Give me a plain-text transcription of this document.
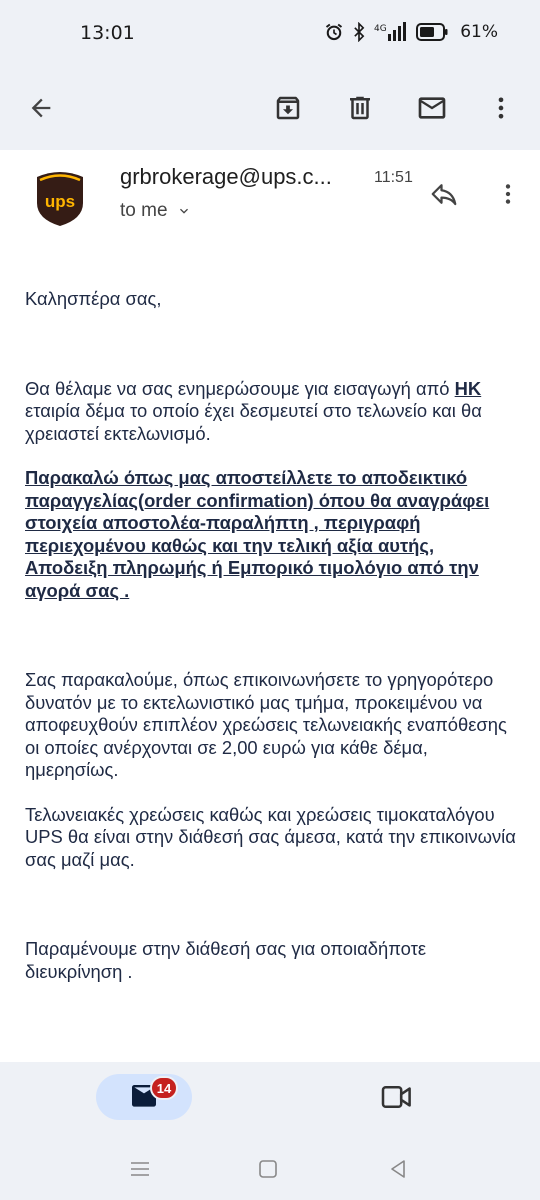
13:01	4G	61%
ups
grbrokerage@ups.c...	11:51
to me

Καλησπέρα σας,

Θα θέλαμε να σας ενημερώσουμε για εισαγωγή από HK εταιρία δέμα το οποίο έχει δεσμευτεί στο τελωνείο και θα χρειαστεί εκτελωνισμό.

Παρακαλώ όπως μας αποστείλλετε το αποδεικτικό παραγγελίας(order confirmation) όπου θα αναγράφει στοιχεία αποστολέα-παραλήπτη , περιγραφή περιεχομένου καθώς και την τελική αξία αυτής, Αποδειξη πληρωμής ή Εμπορικό τιμολόγιο από την αγορά σας .

Σας παρακαλούμε, όπως επικοινωνήσετε το γρηγορότερο δυνατόν με το εκτελωνιστικό μας τμήμα, προκειμένου να αποφευχθούν επιπλέον χρεώσεις τελωνειακής εναπόθεσης οι οποίες ανέρχονται σε 2,00 ευρώ για κάθε δέμα, ημερησίως.

Τελωνειακές χρεώσεις καθώς και χρεώσεις τιμοκαταλόγου UPS θα είναι στην διάθεσή σας άμεσα, κατά την επικοινωνία σας μαζί μας.

Παραμένουμε στην διάθεσή σας για οποιαδήποτε διευκρίνηση .

14
